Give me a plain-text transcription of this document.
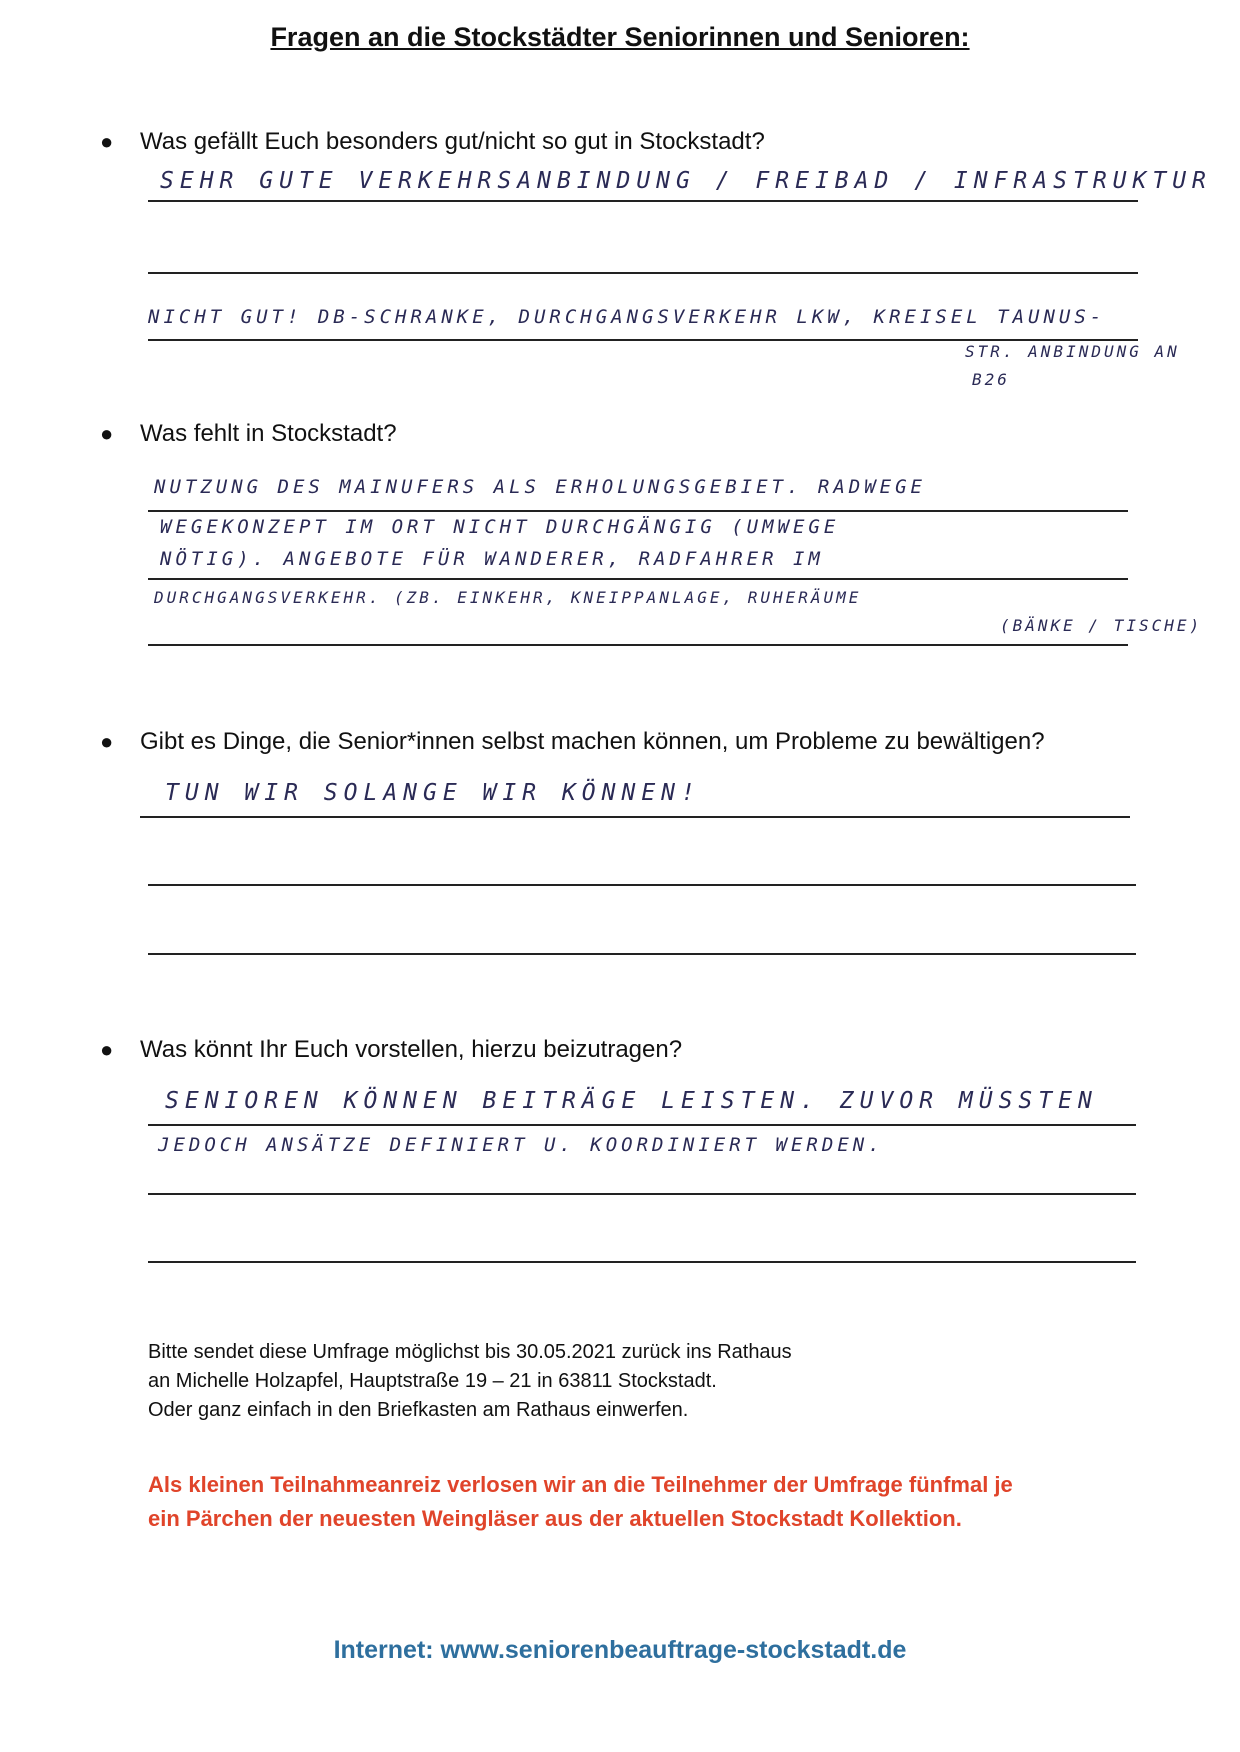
Fragen an die Stockstädter Seniorinnen und Senioren:
● Was gefällt Euch besonders gut/nicht so gut in Stockstadt?
SEHR GUTE VERKEHRSANBINDUNG / FREIBAD / INFRASTRUKTUR
NICHT GUT! DB-SCHRANKE, DURCHGANGSVERKEHR LKW, KREISEL TAUNUS-
STR. ANBINDUNG AN
B26
● Was fehlt in Stockstadt?
NUTZUNG DES MAINUFERS ALS ERHOLUNGSGEBIET. RADWEGE
WEGEKONZEPT IM ORT NICHT DURCHGÄNGIG (UMWEGE
NÖTIG). ANGEBOTE FÜR WANDERER, RADFAHRER IM
DURCHGANGSVERKEHR. (ZB. EINKEHR, KNEIPPANLAGE, RUHERÄUME
(BÄNKE / TISCHE)
● Gibt es Dinge, die Senior*innen selbst machen können, um Probleme zu bewältigen?
TUN WIR SOLANGE WIR KÖNNEN!
● Was könnt Ihr Euch vorstellen, hierzu beizutragen?
SENIOREN KÖNNEN BEITRÄGE LEISTEN. ZUVOR MÜSSTEN
JEDOCH ANSÄTZE DEFINIERT U. KOORDINIERT WERDEN.
Bitte sendet diese Umfrage möglichst bis 30.05.2021 zurück ins Rathaus
an Michelle Holzapfel, Hauptstraße 19 – 21 in 63811 Stockstadt.
Oder ganz einfach in den Briefkasten am Rathaus einwerfen.
Als kleinen Teilnahmeanreiz verlosen wir an die Teilnehmer der Umfrage fünfmal je
ein Pärchen der neuesten Weingläser aus der aktuellen Stockstadt Kollektion.
Internet: www.seniorenbeauftrage-stockstadt.de
